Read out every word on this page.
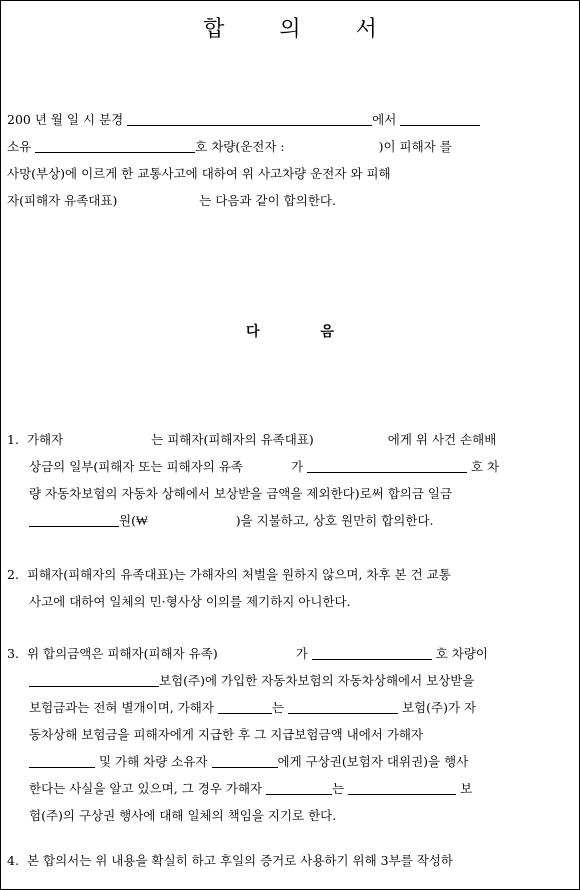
합 의 서
200 년 월 일 시 분경	에서
소유	호 차량(운전자 :	)이 피해자 를
사망(부상)에 이르게 한 교통사고에 대하여 위 사고차량 운전자 와 피해
자(피해자 유족대표)	는 다음과 같이 합의한다.
다 음
1. 가해자	는 피해자(피해자의 유족대표)	에게 위 사건 손해배
상금의 일부(피해자 또는 피해자의 유족	가	호 차
량 자동차보험의 자동차 상해에서 보상받을 금액을 제외한다)로써 합의금 일금
원(₩	)을 지불하고, 상호 원만히 합의한다.
2. 피해자(피해자의 유족대표)는 가해자의 처벌을 원하지 않으며, 차후 본 건 교통
사고에 대하여 일체의 민·형사상 이의를 제기하지 아니한다.
3. 위 합의금액은 피해자(피해자 유족)	가	호 차량이
보험(주)에 가입한 자동차보험의 자동차상해에서 보상받을
보험금과는 전혀 별개이며, 가해자	는	보험(주)가 자
동차상해 보험금을 피해자에게 지급한 후 그 지급보험금액 내에서 가해자
및 가해 차량 소유자	에게 구상권(보험자 대위권)을 행사
한다는 사실을 알고 있으며, 그 경우 가해자	는	보
험(주)의 구상권 행사에 대해 일체의 책임을 지기로 한다.
4. 본 합의서는 위 내용을 확실히 하고 후일의 증거로 사용하기 위해 3부를 작성하
